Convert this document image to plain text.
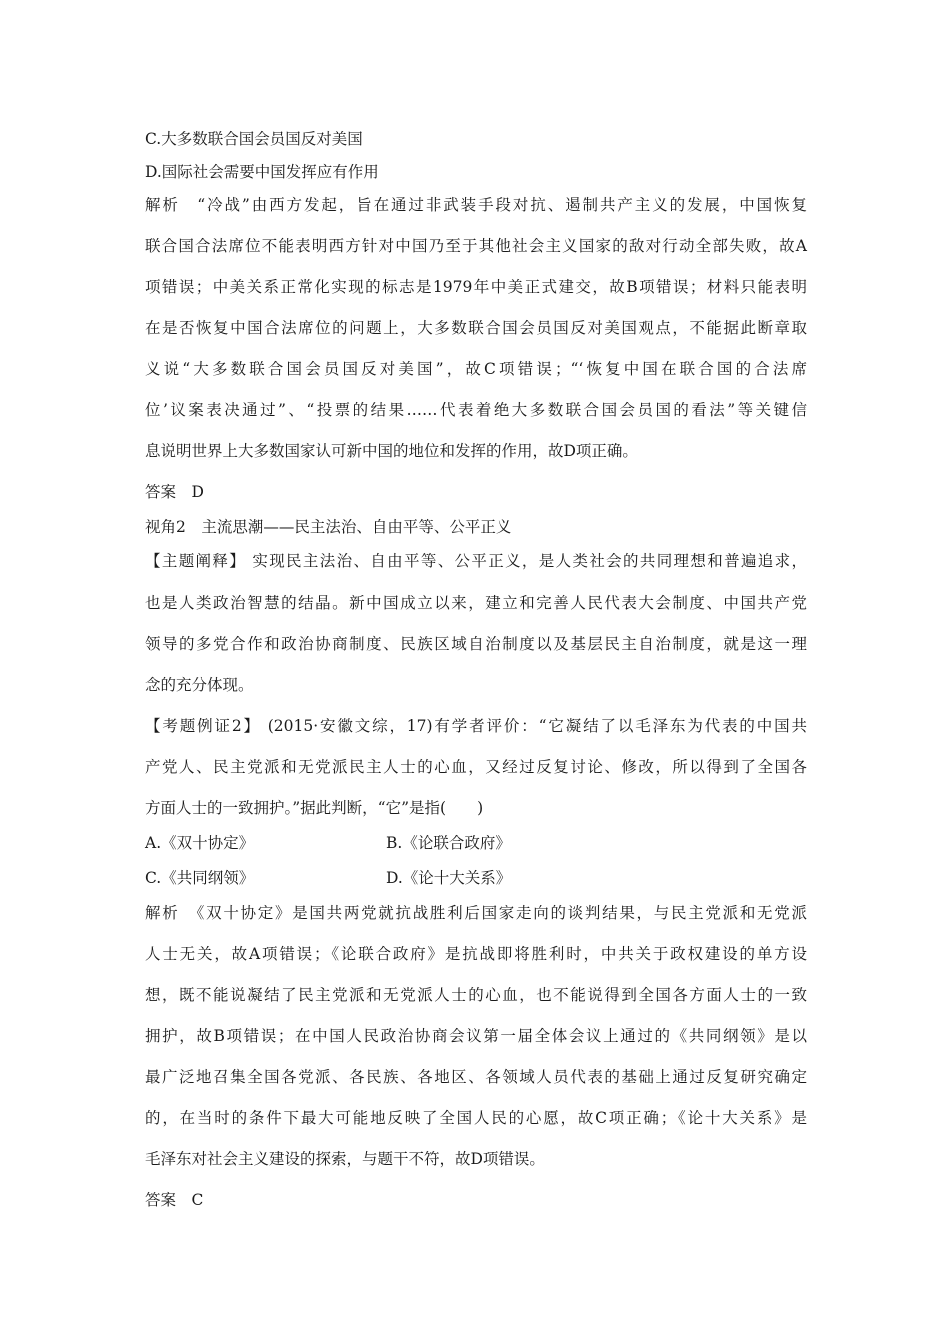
C.大多数联合国会员国反对美国
D.国际社会需要中国发挥应有作用
解析　“冷战”由西方发起，旨在通过非武装手段对抗、遏制共产主义的发展，中国恢复
联合国合法席位不能表明西方针对中国乃至于其他社会主义国家的敌对行动全部失败，故A
项错误；中美关系正常化实现的标志是1979年中美正式建交，故B项错误；材料只能表明
在是否恢复中国合法席位的问题上，大多数联合国会员国反对美国观点，不能据此断章取
义说“大多数联合国会员国反对美国”，故C项错误；“‘恢复中国在联合国的合法席
位’议案表决通过”、“投票的结果……代表着绝大多数联合国会员国的看法”等关键信
息说明世界上大多数国家认可新中国的地位和发挥的作用，故D项正确。
答案　D
视角2　主流思潮——民主法治、自由平等、公平正义
【主题阐释】 实现民主法治、自由平等、公平正义，是人类社会的共同理想和普遍追求，
也是人类政治智慧的结晶。新中国成立以来，建立和完善人民代表大会制度、中国共产党
领导的多党合作和政治协商制度、民族区域自治制度以及基层民主自治制度，就是这一理
念的充分体现。
【考题例证2】 (2015·安徽文综，17)有学者评价：“它凝结了以毛泽东为代表的中国共
产党人、民主党派和无党派民主人士的心血，又经过反复讨论、修改，所以得到了全国各
方面人士的一致拥护。”据此判断，“它”是指(　　)
A.《双十协定》	B.《论联合政府》
C.《共同纲领》	D.《论十大关系》
解析　《双十协定》是国共两党就抗战胜利后国家走向的谈判结果，与民主党派和无党派
人士无关，故A项错误；《论联合政府》是抗战即将胜利时，中共关于政权建设的单方设
想，既不能说凝结了民主党派和无党派人士的心血，也不能说得到全国各方面人士的一致
拥护，故B项错误；在中国人民政治协商会议第一届全体会议上通过的《共同纲领》是以
最广泛地召集全国各党派、各民族、各地区、各领域人员代表的基础上通过反复研究确定
的，在当时的条件下最大可能地反映了全国人民的心愿，故C项正确；《论十大关系》是
毛泽东对社会主义建设的探索，与题干不符，故D项错误。
答案　C
